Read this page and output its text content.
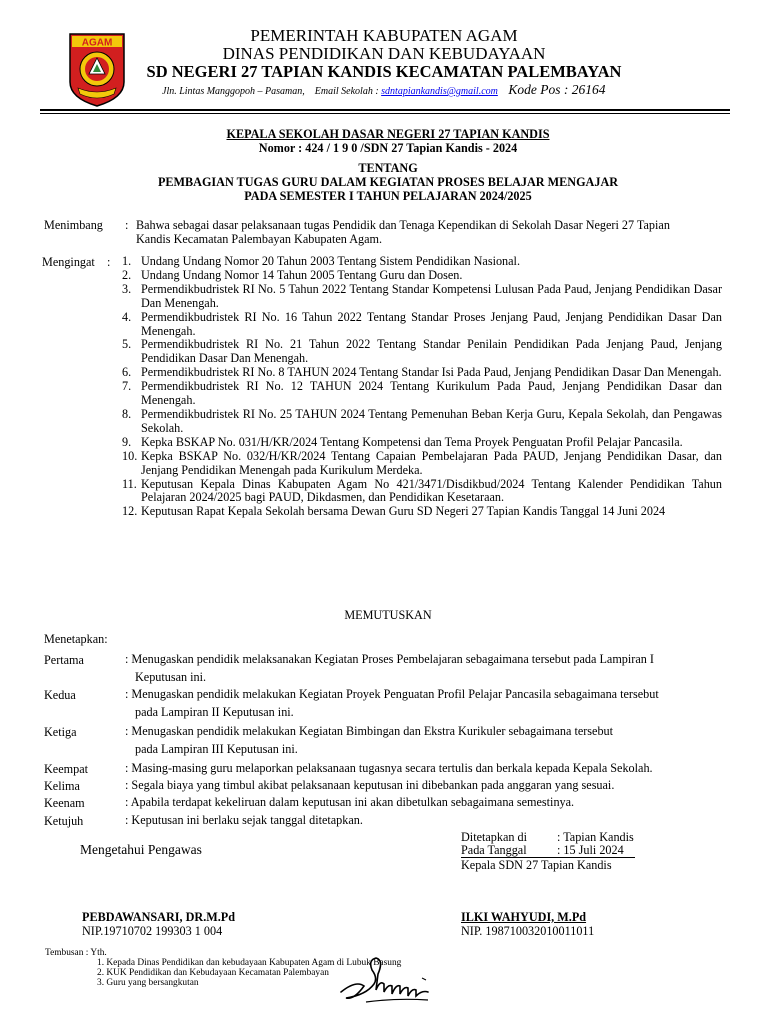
AGAM	PEMERINTAH KABUPATEN AGAM
DINAS PENDIDIKAN DAN KEBUDAYAAN
SD NEGERI 27 TAPIAN KANDIS KECAMATAN PALEMBAYAN
Jln. Lintas Manggopoh – Pasaman, Email Sekolah : sdntapiankandis@gmail.com Kode Pos : 26164
KEPALA SEKOLAH DASAR NEGERI 27 TAPIAN KANDIS
Nomor : 424 / 1 9 0 /SDN 27 Tapian Kandis - 2024
TENTANG
PEMBAGIAN TUGAS GURU DALAM KEGIATAN PROSES BELAJAR MENGAJAR
PADA SEMESTER I TAHUN PELAJARAN 2024/2025
Menimbang : Bahwa sebagai dasar pelaksanaan tugas Pendidik dan Tenaga Kependikan di Sekolah Dasar Negeri 27 Tapian
Kandis Kecamatan Palembayan Kabupaten Agam.
Mengingat : 1. Undang Undang Nomor 20 Tahun 2003 Tentang Sistem Pendidikan Nasional.
2. Undang Undang Nomor 14 Tahun 2005 Tentang Guru dan Dosen.
3. Permendikbudristek RI No. 5 Tahun 2022 Tentang Standar Kompetensi Lulusan Pada Paud, Jenjang Pendidikan Dasar Dan Menengah.
4. Permendikbudristek RI No. 16 Tahun 2022 Tentang Standar Proses Jenjang Paud, Jenjang Pendidikan Dasar Dan Menengah.
5. Permendikbudristek RI No. 21 Tahun 2022 Tentang Standar Penilain Pendidikan Pada Jenjang Paud, Jenjang Pendidikan Dasar Dan Menengah.
6. Permendikbudristek RI No. 8 TAHUN 2024 Tentang Standar Isi Pada Paud, Jenjang Pendidikan Dasar Dan Menengah.
7. Permendikbudristek RI No. 12 TAHUN 2024 Tentang Kurikulum Pada Paud, Jenjang Pendidikan Dasar dan Menengah.
8. Permendikbudristek RI No. 25 TAHUN 2024 Tentang Pemenuhan Beban Kerja Guru, Kepala Sekolah, dan Pengawas Sekolah.
9. Kepka BSKAP No. 031/H/KR/2024 Tentang Kompetensi dan Tema Proyek Penguatan Profil Pelajar Pancasila.
10. Kepka BSKAP No. 032/H/KR/2024 Tentang Capaian Pembelajaran Pada PAUD, Jenjang Pendidikan Dasar, dan Jenjang Pendidikan Menengah pada Kurikulum Merdeka.
11. Keputusan Kepala Dinas Kabupaten Agam No 421/3471/Disdikbud/2024 Tentang Kalender Pendidikan Tahun Pelajaran 2024/2025 bagi PAUD, Dikdasmen, dan Pendidikan Kesetaraan.
12. Keputusan Rapat Kepala Sekolah bersama Dewan Guru SD Negeri 27 Tapian Kandis Tanggal 14 Juni 2024
MEMUTUSKAN
Menetapkan:
Pertama	: Menugaskan pendidik melaksanakan Kegiatan Proses Pembelajaran sebagaimana tersebut pada Lampiran I
Keputusan ini.
Kedua	: Menugaskan pendidik melakukan Kegiatan Proyek Penguatan Profil Pelajar Pancasila sebagaimana tersebut
pada Lampiran II Keputusan ini.
Ketiga	: Menugaskan pendidik melakukan Kegiatan Bimbingan dan Ekstra Kurikuler sebagaimana tersebut
pada Lampiran III Keputusan ini.
Keempat	: Masing-masing guru melaporkan pelaksanaan tugasnya secara tertulis dan berkala kepada Kepala Sekolah.
Kelima	: Segala biaya yang timbul akibat pelaksanaan keputusan ini dibebankan pada anggaran yang sesuai.
Keenam	: Apabila terdapat kekeliruan dalam keputusan ini akan dibetulkan sebagaimana semestinya.
Ketujuh	: Keputusan ini berlaku sejak tanggal ditetapkan.
Ditetapkan di : Tapian Kandis
Pada Tanggal : 15 Juli 2024
Kepala SDN 27 Tapian Kandis
Mengetahui Pengawas
PEBDAWANSARI, DR.M.Pd
NIP.19710702 199303 1 004
ILKI WAHYUDI, M.Pd
NIP. 198710032010011011
Tembusan : Yth.
1. Kepada Dinas Pendidikan dan kebudayaan Kabupaten Agam di Lubuk Basung
2. KUK Pendidikan dan Kebudayaan Kecamatan Palembayan
3. Guru yang bersangkutan
